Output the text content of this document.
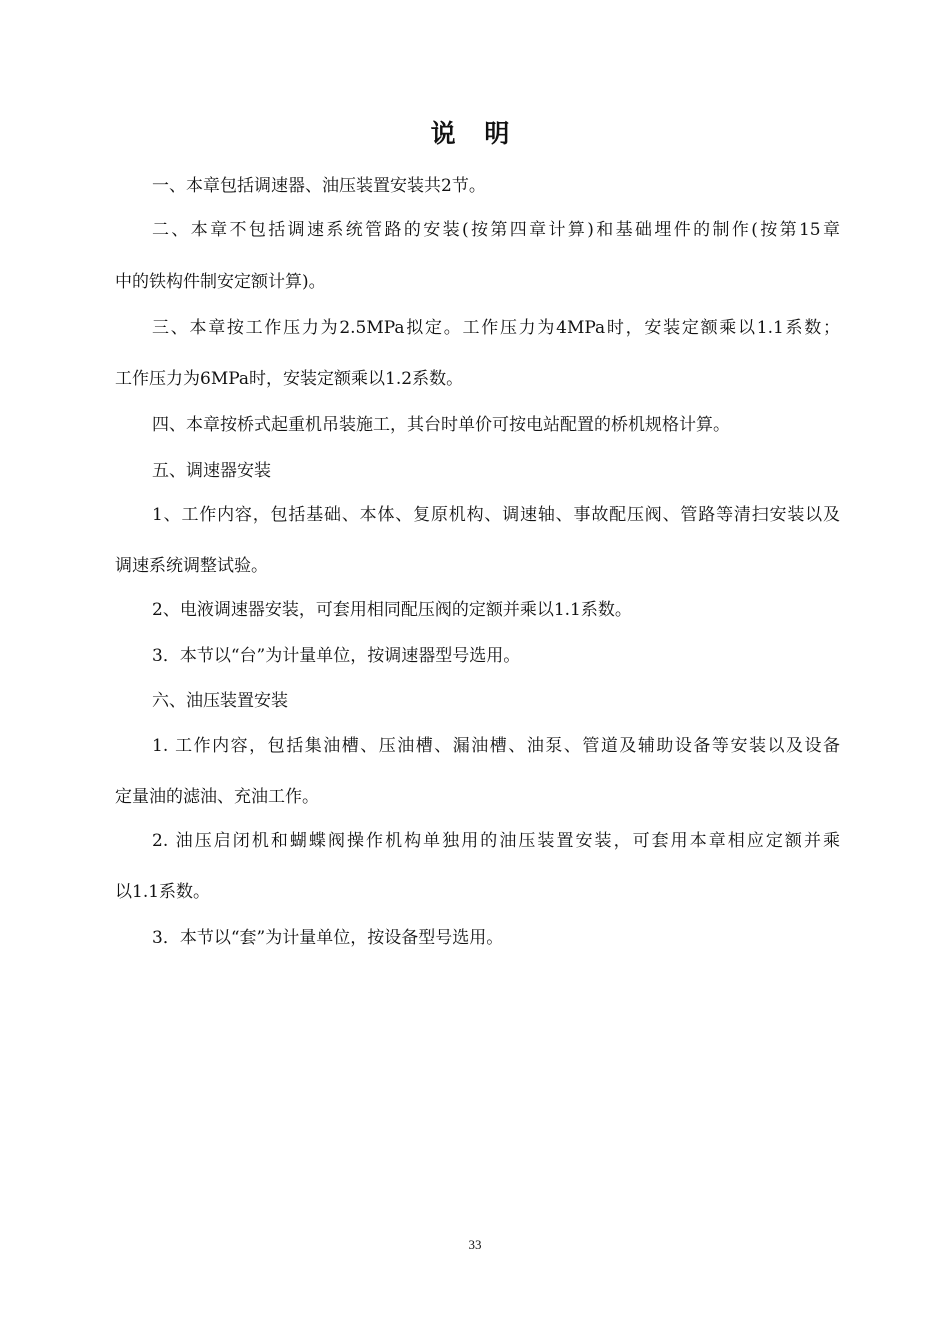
说 明
一、本章包括调速器、油压装置安装共2节。
二、本章不包括调速系统管路的安装(按第四章计算)和基础埋件的制作(按第15章
中的铁构件制安定额计算)。
三、本章按工作压力为2.5MPa拟定。工作压力为4MPa时，安装定额乘以1.1系数；
工作压力为6MPa时，安装定额乘以1.2系数。
四、本章按桥式起重机吊装施工，其台时单价可按电站配置的桥机规格计算。
五、调速器安装
1、工作内容，包括基础、本体、复原机构、调速轴、事故配压阀、管路等清扫安装以及
调速系统调整试验。
2、电液调速器安装，可套用相同配压阀的定额并乘以1.1系数。
3．本节以“台”为计量单位，按调速器型号选用。
六、油压装置安装
1. 工作内容，包括集油槽、压油槽、漏油槽、油泵、管道及辅助设备等安装以及设备
定量油的滤油、充油工作。
2. 油压启闭机和蝴蝶阀操作机构单独用的油压装置安装，可套用本章相应定额并乘
以1.1系数。
3．本节以“套”为计量单位，按设备型号选用。
33
